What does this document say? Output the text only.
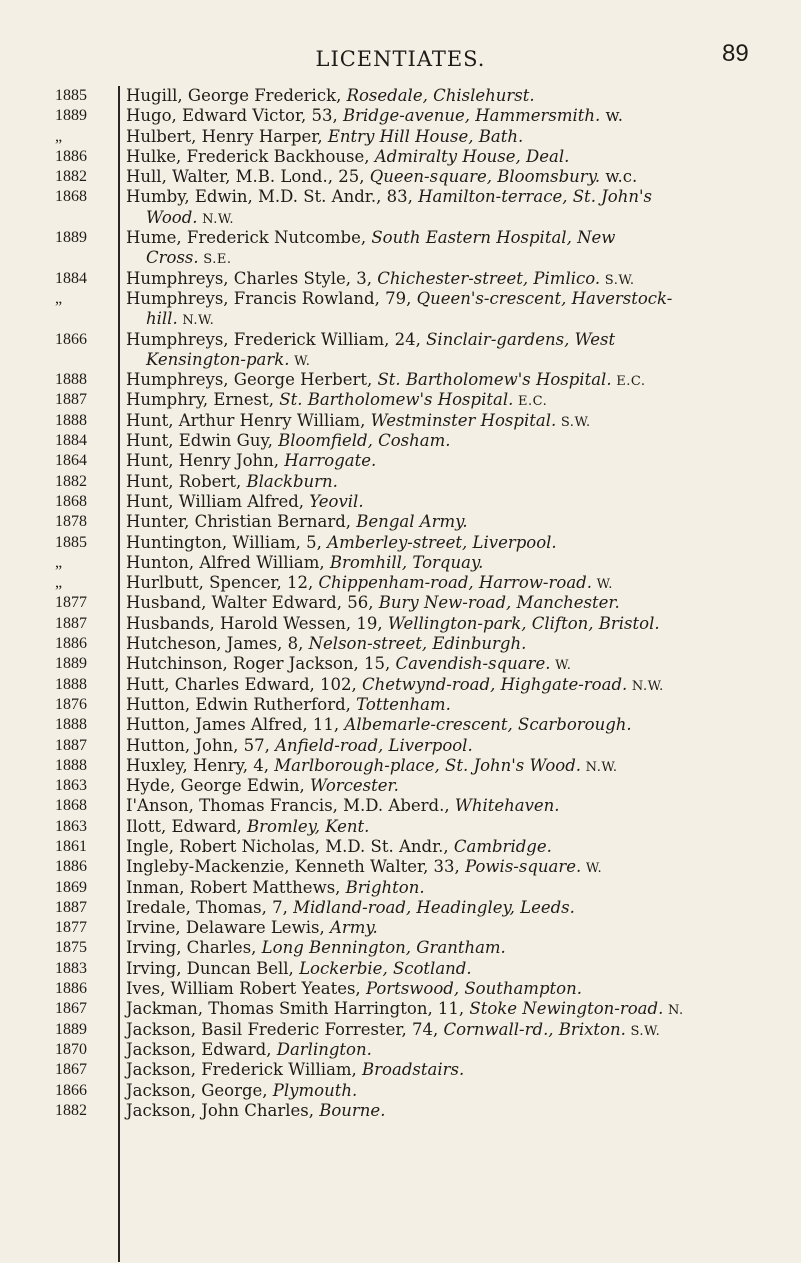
LICENTIATES.	89
1885	Hugill, George Frederick, Rosedale, Chislehurst.
1889	Hugo, Edward Victor, 53, Bridge-avenue, Hammersmith. w.
„	Hulbert, Henry Harper, Entry Hill House, Bath.
1886	Hulke, Frederick Backhouse, Admiralty House, Deal.
1882	Hull, Walter, M.B. Lond., 25, Queen-square, Bloomsbury. w.c.
1868	Humby, Edwin, M.D. St. Andr., 83, Hamilton-terrace, St. John's
Wood. N.W.
1889	Hume, Frederick Nutcombe, South Eastern Hospital, New
Cross. S.E.
1884	Humphreys, Charles Style, 3, Chichester-street, Pimlico. S.W.
„	Humphreys, Francis Rowland, 79, Queen's-crescent, Haverstock-
hill. N.W.
1866	Humphreys, Frederick William, 24, Sinclair-gardens, West
Kensington-park. W.
1888	Humphreys, George Herbert, St. Bartholomew's Hospital. E.C.
1887	Humphry, Ernest, St. Bartholomew's Hospital. E.C.
1888	Hunt, Arthur Henry William, Westminster Hospital. S.W.
1884	Hunt, Edwin Guy, Bloomfield, Cosham.
1864	Hunt, Henry John, Harrogate.
1882	Hunt, Robert, Blackburn.
1868	Hunt, William Alfred, Yeovil.
1878	Hunter, Christian Bernard, Bengal Army.
1885	Huntington, William, 5, Amberley-street, Liverpool.
„	Hunton, Alfred William, Bromhill, Torquay.
„	Hurlbutt, Spencer, 12, Chippenham-road, Harrow-road. W.
1877	Husband, Walter Edward, 56, Bury New-road, Manchester.
1887	Husbands, Harold Wessen, 19, Wellington-park, Clifton, Bristol.
1886	Hutcheson, James, 8, Nelson-street, Edinburgh.
1889	Hutchinson, Roger Jackson, 15, Cavendish-square. W.
1888	Hutt, Charles Edward, 102, Chetwynd-road, Highgate-road. N.W.
1876	Hutton, Edwin Rutherford, Tottenham.
1888	Hutton, James Alfred, 11, Albemarle-crescent, Scarborough.
1887	Hutton, John, 57, Anfield-road, Liverpool.
1888	Huxley, Henry, 4, Marlborough-place, St. John's Wood. N.W.
1863	Hyde, George Edwin, Worcester.
1868	I'Anson, Thomas Francis, M.D. Aberd., Whitehaven.
1863	Ilott, Edward, Bromley, Kent.
1861	Ingle, Robert Nicholas, M.D. St. Andr., Cambridge.
1886	Ingleby-Mackenzie, Kenneth Walter, 33, Powis-square. W.
1869	Inman, Robert Matthews, Brighton.
1887	Iredale, Thomas, 7, Midland-road, Headingley, Leeds.
1877	Irvine, Delaware Lewis, Army.
1875	Irving, Charles, Long Bennington, Grantham.
1883	Irving, Duncan Bell, Lockerbie, Scotland.
1886	Ives, William Robert Yeates, Portswood, Southampton.
1867	Jackman, Thomas Smith Harrington, 11, Stoke Newington-road. N.
1889	Jackson, Basil Frederic Forrester, 74, Cornwall-rd., Brixton. S.W.
1870	Jackson, Edward, Darlington.
1867	Jackson, Frederick William, Broadstairs.
1866	Jackson, George, Plymouth.
1882	Jackson, John Charles, Bourne.
